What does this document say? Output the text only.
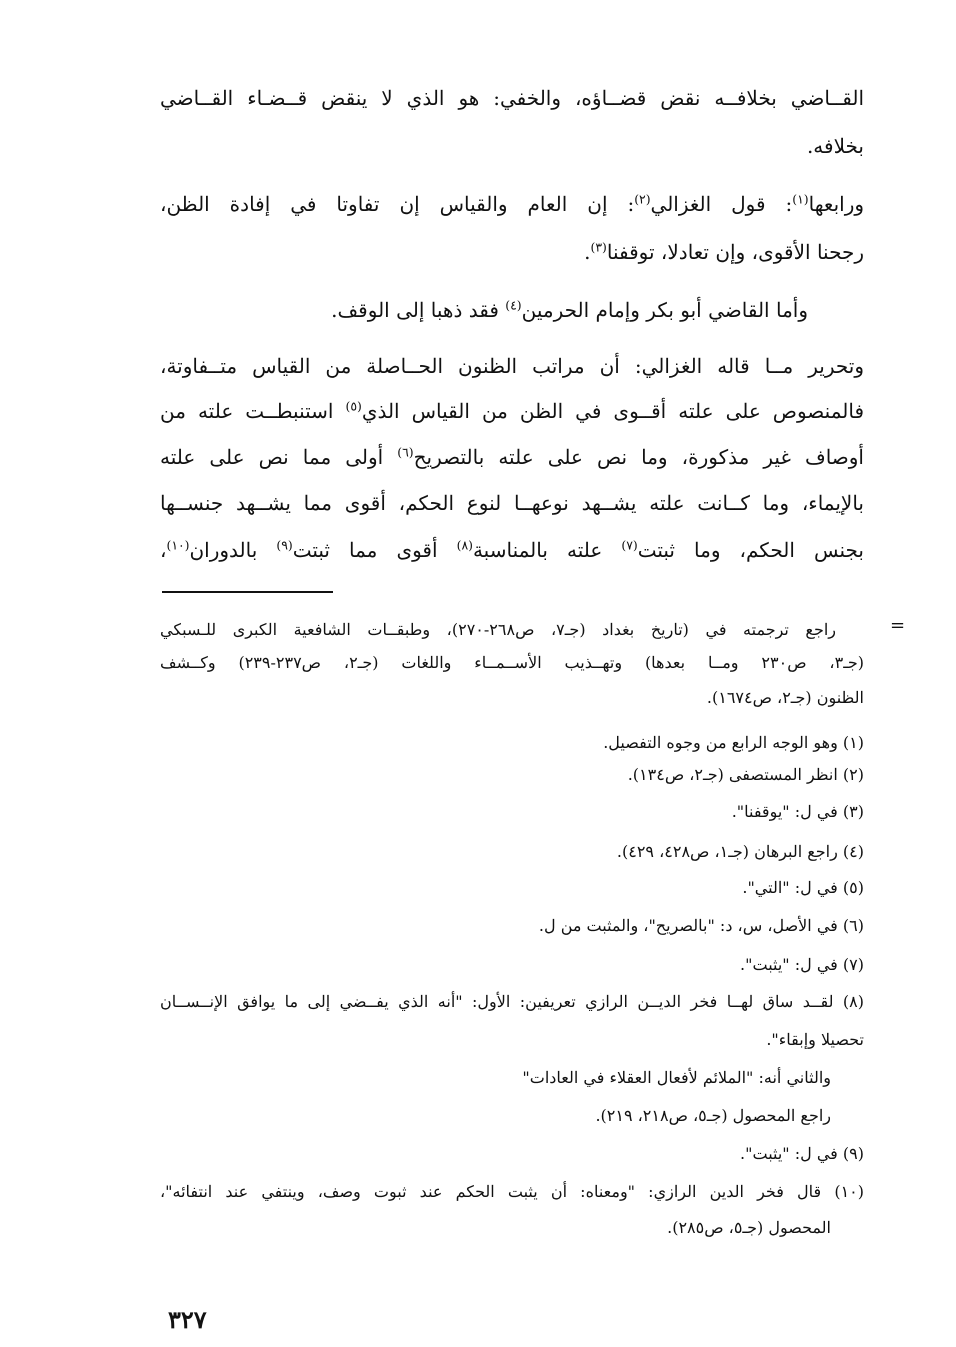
القــاضي بخلافــه نقض قضــاؤه، والخفي: هو الذي لا ينقض قــضـاء القــاضي
بخلافه.
ورابعها$^{(١)}$: قول الغزالي$^{(٢)}$: إن العام والقياس إن تفاوتا في إفادة الظن،
رجحنا الأقوى، وإن تعادلا، توقفنا$^{(٣)}$.
وأما القاضي أبو بكر وإمام الحرمين$^{(٤)}$ فقد ذهبا إلى الوقف.
وتحرير مــا قاله الغزالي: أن مراتب الظنون الحــاصلة من القياس متــفاوتة،
فالمنصوص على علته أقــوى في الظن من القياس الذي$^{(٥)}$ استنبطــت علته من
أوصاف غير مذكورة، وما نص على علته بالتصريح$^{(٦)}$ أولى مما نص على علته
بالإيماء، وما كــانت علته يشــهد نوعهــا لنوع الحكم، أقوى مما يشــهد جنســها
بجنس الحكم، وما ثبتت$^{(٧)}$ علته بالمناسبة$^{(٨)}$ أقوى مما ثبتت$^{(٩)}$ بالدوران$^{(١٠)}$،
=
راجع ترجمته في (تاريخ بغداد (جـ٧، ص٢٦٨-٢٧٠)، وطبقــات الشافعية الكبرى للـسبكي
(جـ٣، ص٢٣٠ ومــا بعدها) وتهــذيب الأســمــاء واللغات (جـ٢، ص٢٣٧-٢٣٩) وكــشف
الظنون (جـ٢، ص١٦٧٤).
(١) وهو الوجه الرابع من وجوه التفصيل.
(٢) انظر المستصفى (جـ٢، ص١٣٤).
(٣) في ل: "يوقفنا".
(٤) راجع البرهان (جـ١، ص٤٢٨، ٤٢٩).
(٥) في ل: "التي".
(٦) في الأصل، س، د: "بالصريح"، والمثبت من ل.
(٧) في ل: "يثبت".
(٨) لقــد ساق لهــا فخر الديــن الرازي تعريفين: الأول: "أنه الذي يفــضي إلى ما يوافق الإنــســان
تحصيلا وإبقاء".
والثاني أنه: "الملائم لأفعال العقلاء في العادات"
راجع المحصول (جـ٥، ص٢١٨، ٢١٩).
(٩) في ل: "يثبت".
(١٠) قال فخر الدين الرازي: "ومعناه: أن يثبت الحكم عند ثبوت وصف، وينتفي عند انتفائه"،
المحصول (جـ٥، ص٢٨٥).
٣٢٧
